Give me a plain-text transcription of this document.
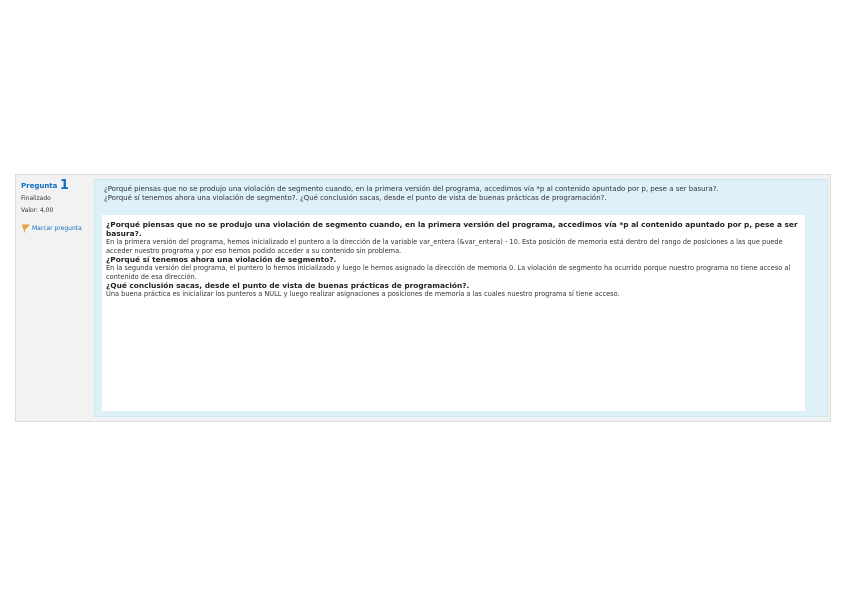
Pregunta 1
Finalizado
Valor: 4,00
Marcar pregunta
¿Porqué piensas que no se produjo una violación de segmento cuando, en la primera versión del programa, accedimos vía *p al contenido apuntado por p, pese a ser basura?.
¿Porqué sí tenemos ahora una violación de segmento?. ¿Qué conclusión sacas, desde el punto de vista de buenas prácticas de programación?.

¿Porqué piensas que no se produjo una violación de segmento cuando, en la primera versión del programa, accedimos vía *p al contenido apuntado por p, pese a ser basura?.

En la primera versión del programa, hemos inicializado el puntero a la dirección de la variable var_entera (&var_entera) - 10. Esta posición de memoria está dentro del rango de posiciones a las que puede acceder nuestro programa y por eso hemos podido acceder a su contenido sin problema.

¿Porqué sí tenemos ahora una violación de segmento?.

En la segunda versión del programa, el puntero lo hemos inicializado y luego le hemos asignado la dirección de memoria 0. La violación de segmento ha ocurrido porque nuestro programa no tiene acceso al contenido de esa dirección.

¿Qué conclusión sacas, desde el punto de vista de buenas prácticas de programación?.

Una buena práctica es inicializar los punteros a NULL y luego realizar asignaciones a posiciones de memoria a las cuales nuestro programa sí tiene acceso.
